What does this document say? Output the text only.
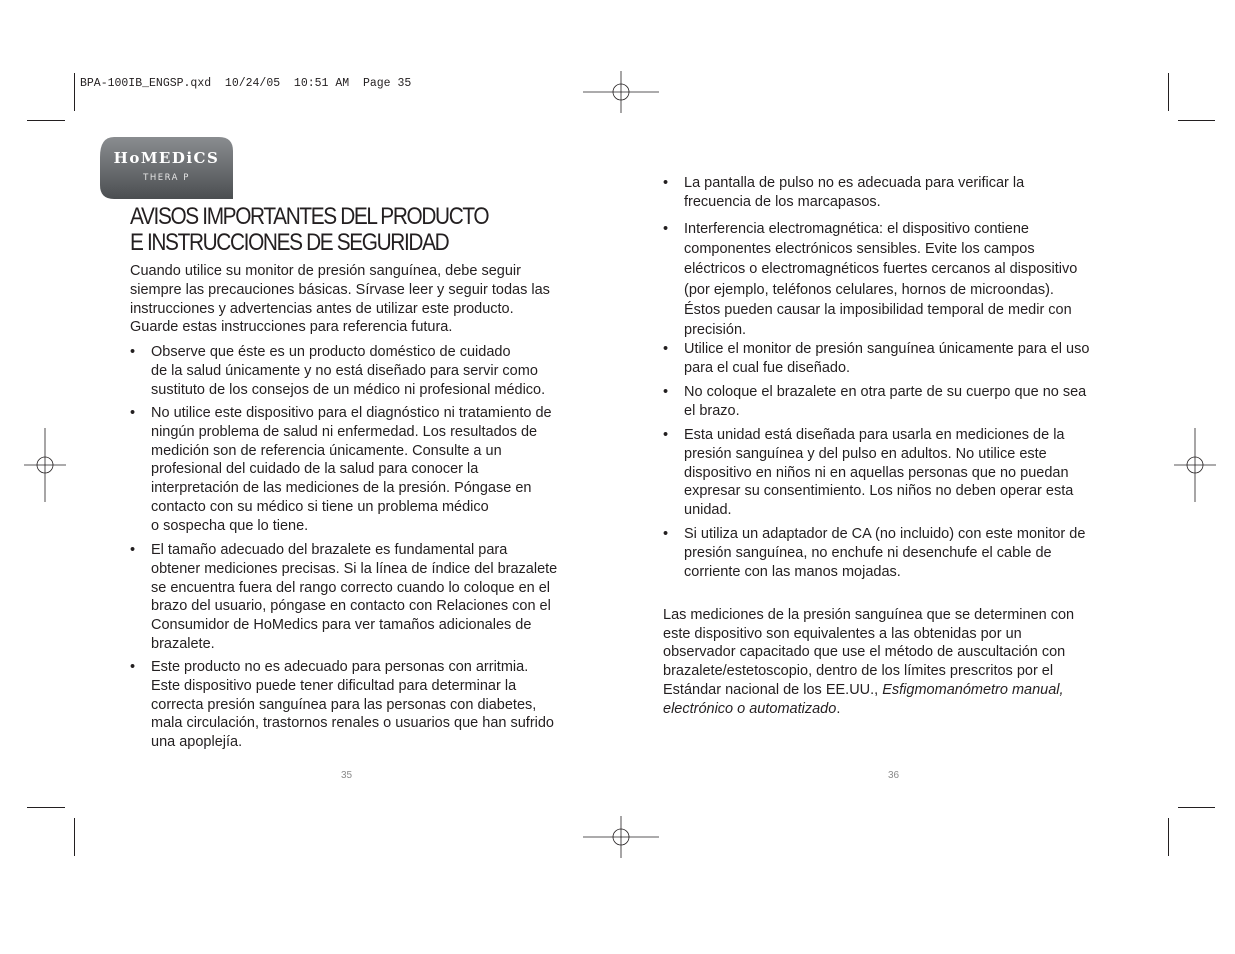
BPA-100IB_ENGSP.qxd  10/24/05  10:51 AM  Page 35
HoMEDiCS
THERA P
AVISOS IMPORTANTES DEL PRODUCTO
E INSTRUCCIONES DE SEGURIDAD

Cuando utilice su monitor de presión sanguínea, debe seguir
siempre las precauciones básicas. Sírvase leer y seguir todas las
instrucciones y advertencias antes de utilizar este producto.
Guarde estas instrucciones para referencia futura.

• Observe que éste es un producto doméstico de cuidado
de la salud únicamente y no está diseñado para servir como
sustituto de los consejos de un médico ni profesional médico.
• No utilice este dispositivo para el diagnóstico ni tratamiento de
ningún problema de salud ni enfermedad. Los resultados de
medición son de referencia únicamente. Consulte a un
profesional del cuidado de la salud para conocer la
interpretación de las mediciones de la presión. Póngase en
contacto con su médico si tiene un problema médico
o sospecha que lo tiene.
• El tamaño adecuado del brazalete es fundamental para
obtener mediciones precisas. Si la línea de índice del brazalete
se encuentra fuera del rango correcto cuando lo coloque en el
brazo del usuario, póngase en contacto con Relaciones con el
Consumidor de HoMedics para ver tamaños adicionales de
brazalete.
• Este producto no es adecuado para personas con arritmia.
Este dispositivo puede tener dificultad para determinar la
correcta presión sanguínea para las personas con diabetes,
mala circulación, trastornos renales o usuarios que han sufrido
una apoplejía.
35
• La pantalla de pulso no es adecuada para verificar la
frecuencia de los marcapasos.
• Interferencia electromagnética: el dispositivo contiene
componentes electrónicos sensibles. Evite los campos
eléctricos o electromagnéticos fuertes cercanos al dispositivo
(por ejemplo, teléfonos celulares, hornos de microondas).
Éstos pueden causar la imposibilidad temporal de medir con
precisión.
• Utilice el monitor de presión sanguínea únicamente para el uso
para el cual fue diseñado.
• No coloque el brazalete en otra parte de su cuerpo que no sea
el brazo.
• Esta unidad está diseñada para usarla en mediciones de la
presión sanguínea y del pulso en adultos. No utilice este
dispositivo en niños ni en aquellas personas que no puedan
expresar su consentimiento. Los niños no deben operar esta
unidad.
• Si utiliza un adaptador de CA (no incluido) con este monitor de
presión sanguínea, no enchufe ni desenchufe el cable de
corriente con las manos mojadas.

Las mediciones de la presión sanguínea que se determinen con
este dispositivo son equivalentes a las obtenidas por un
observador capacitado que use el método de auscultación con
brazalete/estetoscopio, dentro de los límites prescritos por el
Estándar nacional de los EE.UU., Esfigmomanómetro manual,
electrónico o automatizado.

36
